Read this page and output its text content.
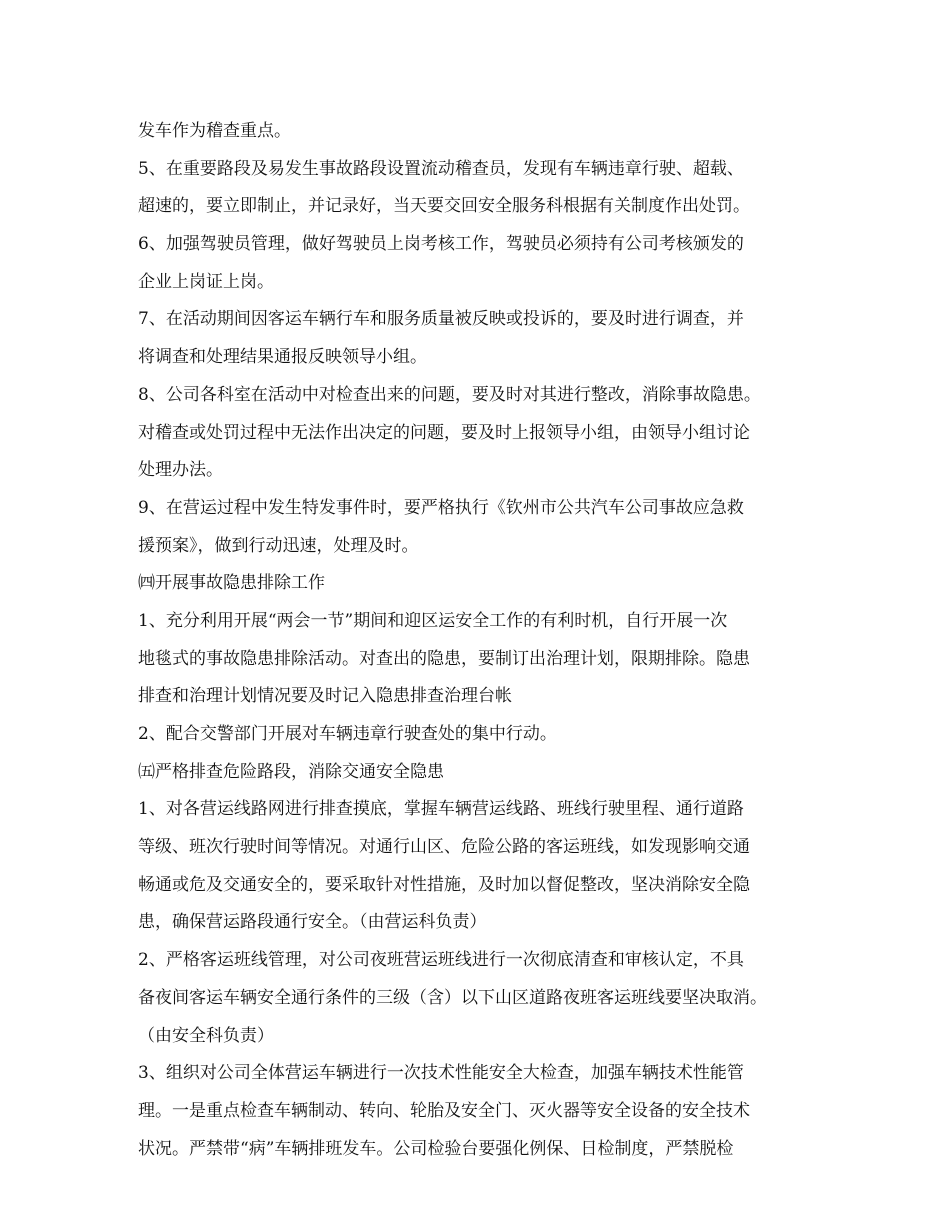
发车作为稽查重点。
5、在重要路段及易发生事故路段设置流动稽查员，发现有车辆违章行驶、超载、
超速的，要立即制止，并记录好，当天要交回安全服务科根据有关制度作出处罚。
6、加强驾驶员管理，做好驾驶员上岗考核工作，驾驶员必须持有公司考核颁发的
企业上岗证上岗。
7、在活动期间因客运车辆行车和服务质量被反映或投诉的，要及时进行调查，并
将调查和处理结果通报反映领导小组。
8、公司各科室在活动中对检查出来的问题，要及时对其进行整改，消除事故隐患。
对稽查或处罚过程中无法作出决定的问题，要及时上报领导小组，由领导小组讨论
处理办法。
9、在营运过程中发生特发事件时，要严格执行《钦州市公共汽车公司事故应急救
援预案》，做到行动迅速，处理及时。
㈣开展事故隐患排除工作
1、充分利用开展“两会一节”期间和迎区运安全工作的有利时机，自行开展一次
地毯式的事故隐患排除活动。对查出的隐患，要制订出治理计划，限期排除。隐患
排查和治理计划情况要及时记入隐患排查治理台帐
2、配合交警部门开展对车辆违章行驶查处的集中行动。
㈤严格排查危险路段，消除交通安全隐患
1、对各营运线路网进行排查摸底，掌握车辆营运线路、班线行驶里程、通行道路
等级、班次行驶时间等情况。对通行山区、危险公路的客运班线，如发现影响交通
畅通或危及交通安全的，要采取针对性措施，及时加以督促整改，坚决消除安全隐
患，确保营运路段通行安全。（由营运科负责）
2、严格客运班线管理，对公司夜班营运班线进行一次彻底清查和审核认定，不具
备夜间客运车辆安全通行条件的三级（含）以下山区道路夜班客运班线要坚决取消。
（由安全科负责）
3、组织对公司全体营运车辆进行一次技术性能安全大检查，加强车辆技术性能管
理。一是重点检查车辆制动、转向、轮胎及安全门、灭火器等安全设备的安全技术
状况。严禁带“病”车辆排班发车。公司检验台要强化例保、日检制度，严禁脱检
